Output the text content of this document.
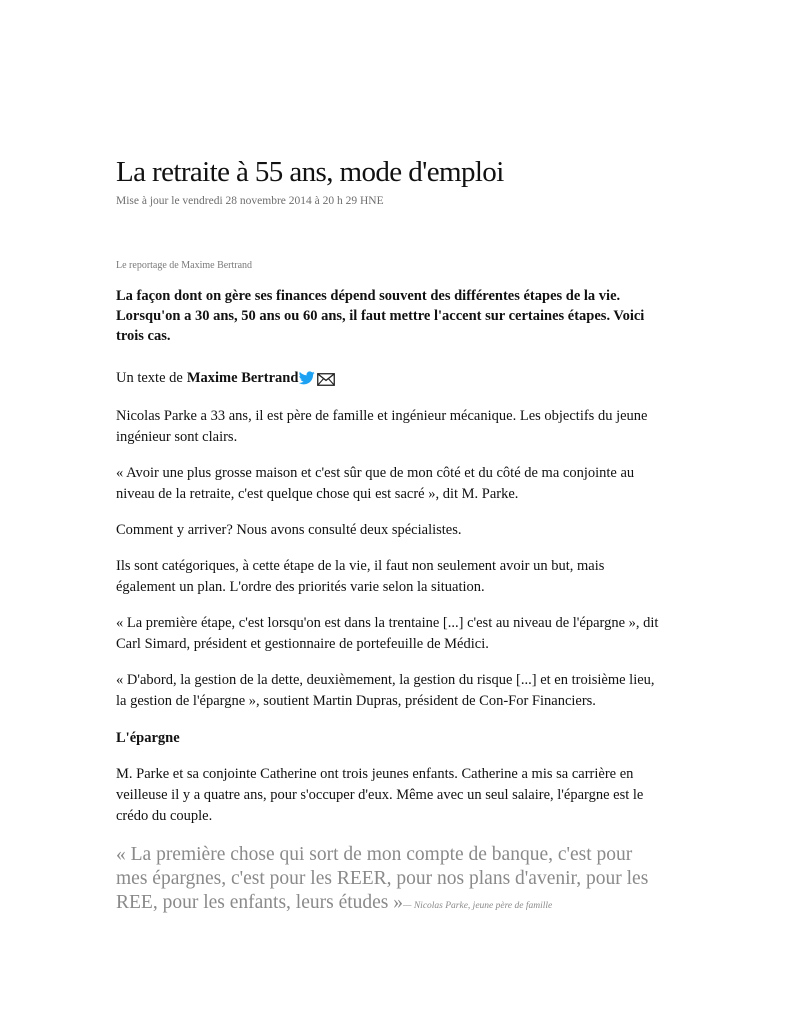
La retraite à 55 ans, mode d'emploi
Mise à jour le vendredi 28 novembre 2014 à 20 h 29 HNE
Le reportage de Maxime Bertrand

La façon dont on gère ses finances dépend souvent des différentes étapes de la vie. Lorsqu'on a 30 ans, 50 ans ou 60 ans, il faut mettre l'accent sur certaines étapes. Voici trois cas.

Un texte de Maxime Bertrand

Nicolas Parke a 33 ans, il est père de famille et ingénieur mécanique. Les objectifs du jeune ingénieur sont clairs.

« Avoir une plus grosse maison et c'est sûr que de mon côté et du côté de ma conjointe au niveau de la retraite, c'est quelque chose qui est sacré », dit M. Parke.

Comment y arriver? Nous avons consulté deux spécialistes.

Ils sont catégoriques, à cette étape de la vie, il faut non seulement avoir un but, mais également un plan. L'ordre des priorités varie selon la situation.

« La première étape, c'est lorsqu'on est dans la trentaine [...] c'est au niveau de l'épargne », dit Carl Simard, président et gestionnaire de portefeuille de Médici.

« D'abord, la gestion de la dette, deuxièmement, la gestion du risque [...] et en troisième lieu, la gestion de l'épargne », soutient Martin Dupras, président de Con-For Financiers.

L'épargne

M. Parke et sa conjointe Catherine ont trois jeunes enfants. Catherine a mis sa carrière en veilleuse il y a quatre ans, pour s'occuper d'eux. Même avec un seul salaire, l'épargne est le crédo du couple.

« La première chose qui sort de mon compte de banque, c'est pour mes épargnes, c'est pour les REER, pour nos plans d'avenir, pour les REE, pour les enfants, leurs études »— Nicolas Parke, jeune père de famille
